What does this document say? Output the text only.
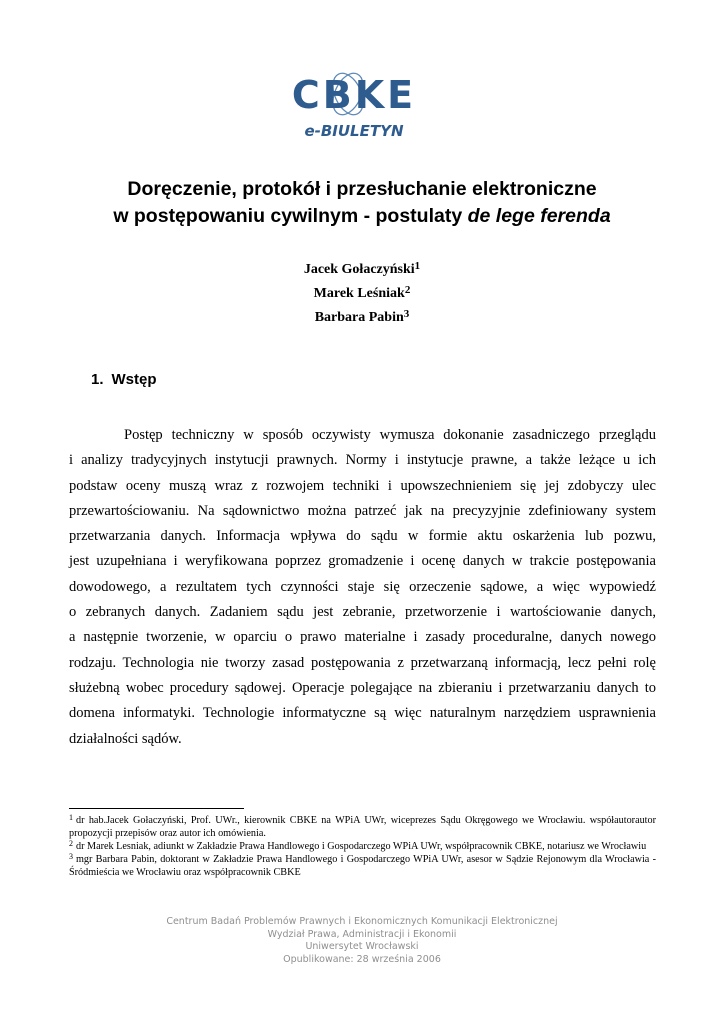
CBKE
e-BIULETYN
Doręczenie, protokół i przesłuchanie elektroniczne
w postępowaniu cywilnym - postulaty de lege ferenda
Jacek Gołaczyński$^1$
Marek Leśniak$^2$
Barbara Pabin$^3$
1. Wstęp
Postęp techniczny w sposób oczywisty wymusza dokonanie zasadniczego przeglądu
i analizy tradycyjnych instytucji prawnych. Normy i instytucje prawne, a także leżące u ich
podstaw oceny muszą wraz z rozwojem techniki i upowszechnieniem się jej zdobyczy ulec
przewartościowaniu. Na sądownictwo można patrzeć jak na precyzyjnie zdefiniowany system
przetwarzania danych. Informacja wpływa do sądu w formie aktu oskarżenia lub pozwu,
jest uzupełniana i weryfikowana poprzez gromadzenie i ocenę danych w trakcie postępowania
dowodowego, a rezultatem tych czynności staje się orzeczenie sądowe, a więc wypowiedź
o zebranych danych. Zadaniem sądu jest zebranie, przetworzenie i wartościowanie danych,
a następnie tworzenie, w oparciu o prawo materialne i zasady proceduralne, danych nowego
rodzaju. Technologia nie tworzy zasad postępowania z przetwarzaną informacją, lecz pełni rolę
służebną wobec procedury sądowej. Operacje polegające na zbieraniu i przetwarzaniu danych to
domena informatyki. Technologie informatyczne są więc naturalnym narzędziem usprawnienia
działalności sądów.
$^1$ dr hab.Jacek Gołaczyński, Prof. UWr., kierownik CBKE na WPiA UWr, wiceprezes Sądu Okręgowego we Wrocławiu. współautorautor propozycji przepisów oraz autor ich omówienia.
$^2$ dr Marek Lesniak, adiunkt w Zakładzie Prawa Handlowego i Gospodarczego WPiA UWr, współpracownik CBKE, notariusz we Wrocławiu
$^3$ mgr Barbara Pabin, doktorant w Zakładzie Prawa Handlowego i Gospodarczego WPiA UWr, asesor w Sądzie Rejonowym dla Wrocławia - Śródmieścia we Wrocławiu oraz współpracownik CBKE
Centrum Badań Problemów Prawnych i Ekonomicznych Komunikacji Elektronicznej
Wydział Prawa, Administracji i Ekonomii
Uniwersytet Wrocławski
Opublikowane: 28 września 2006
